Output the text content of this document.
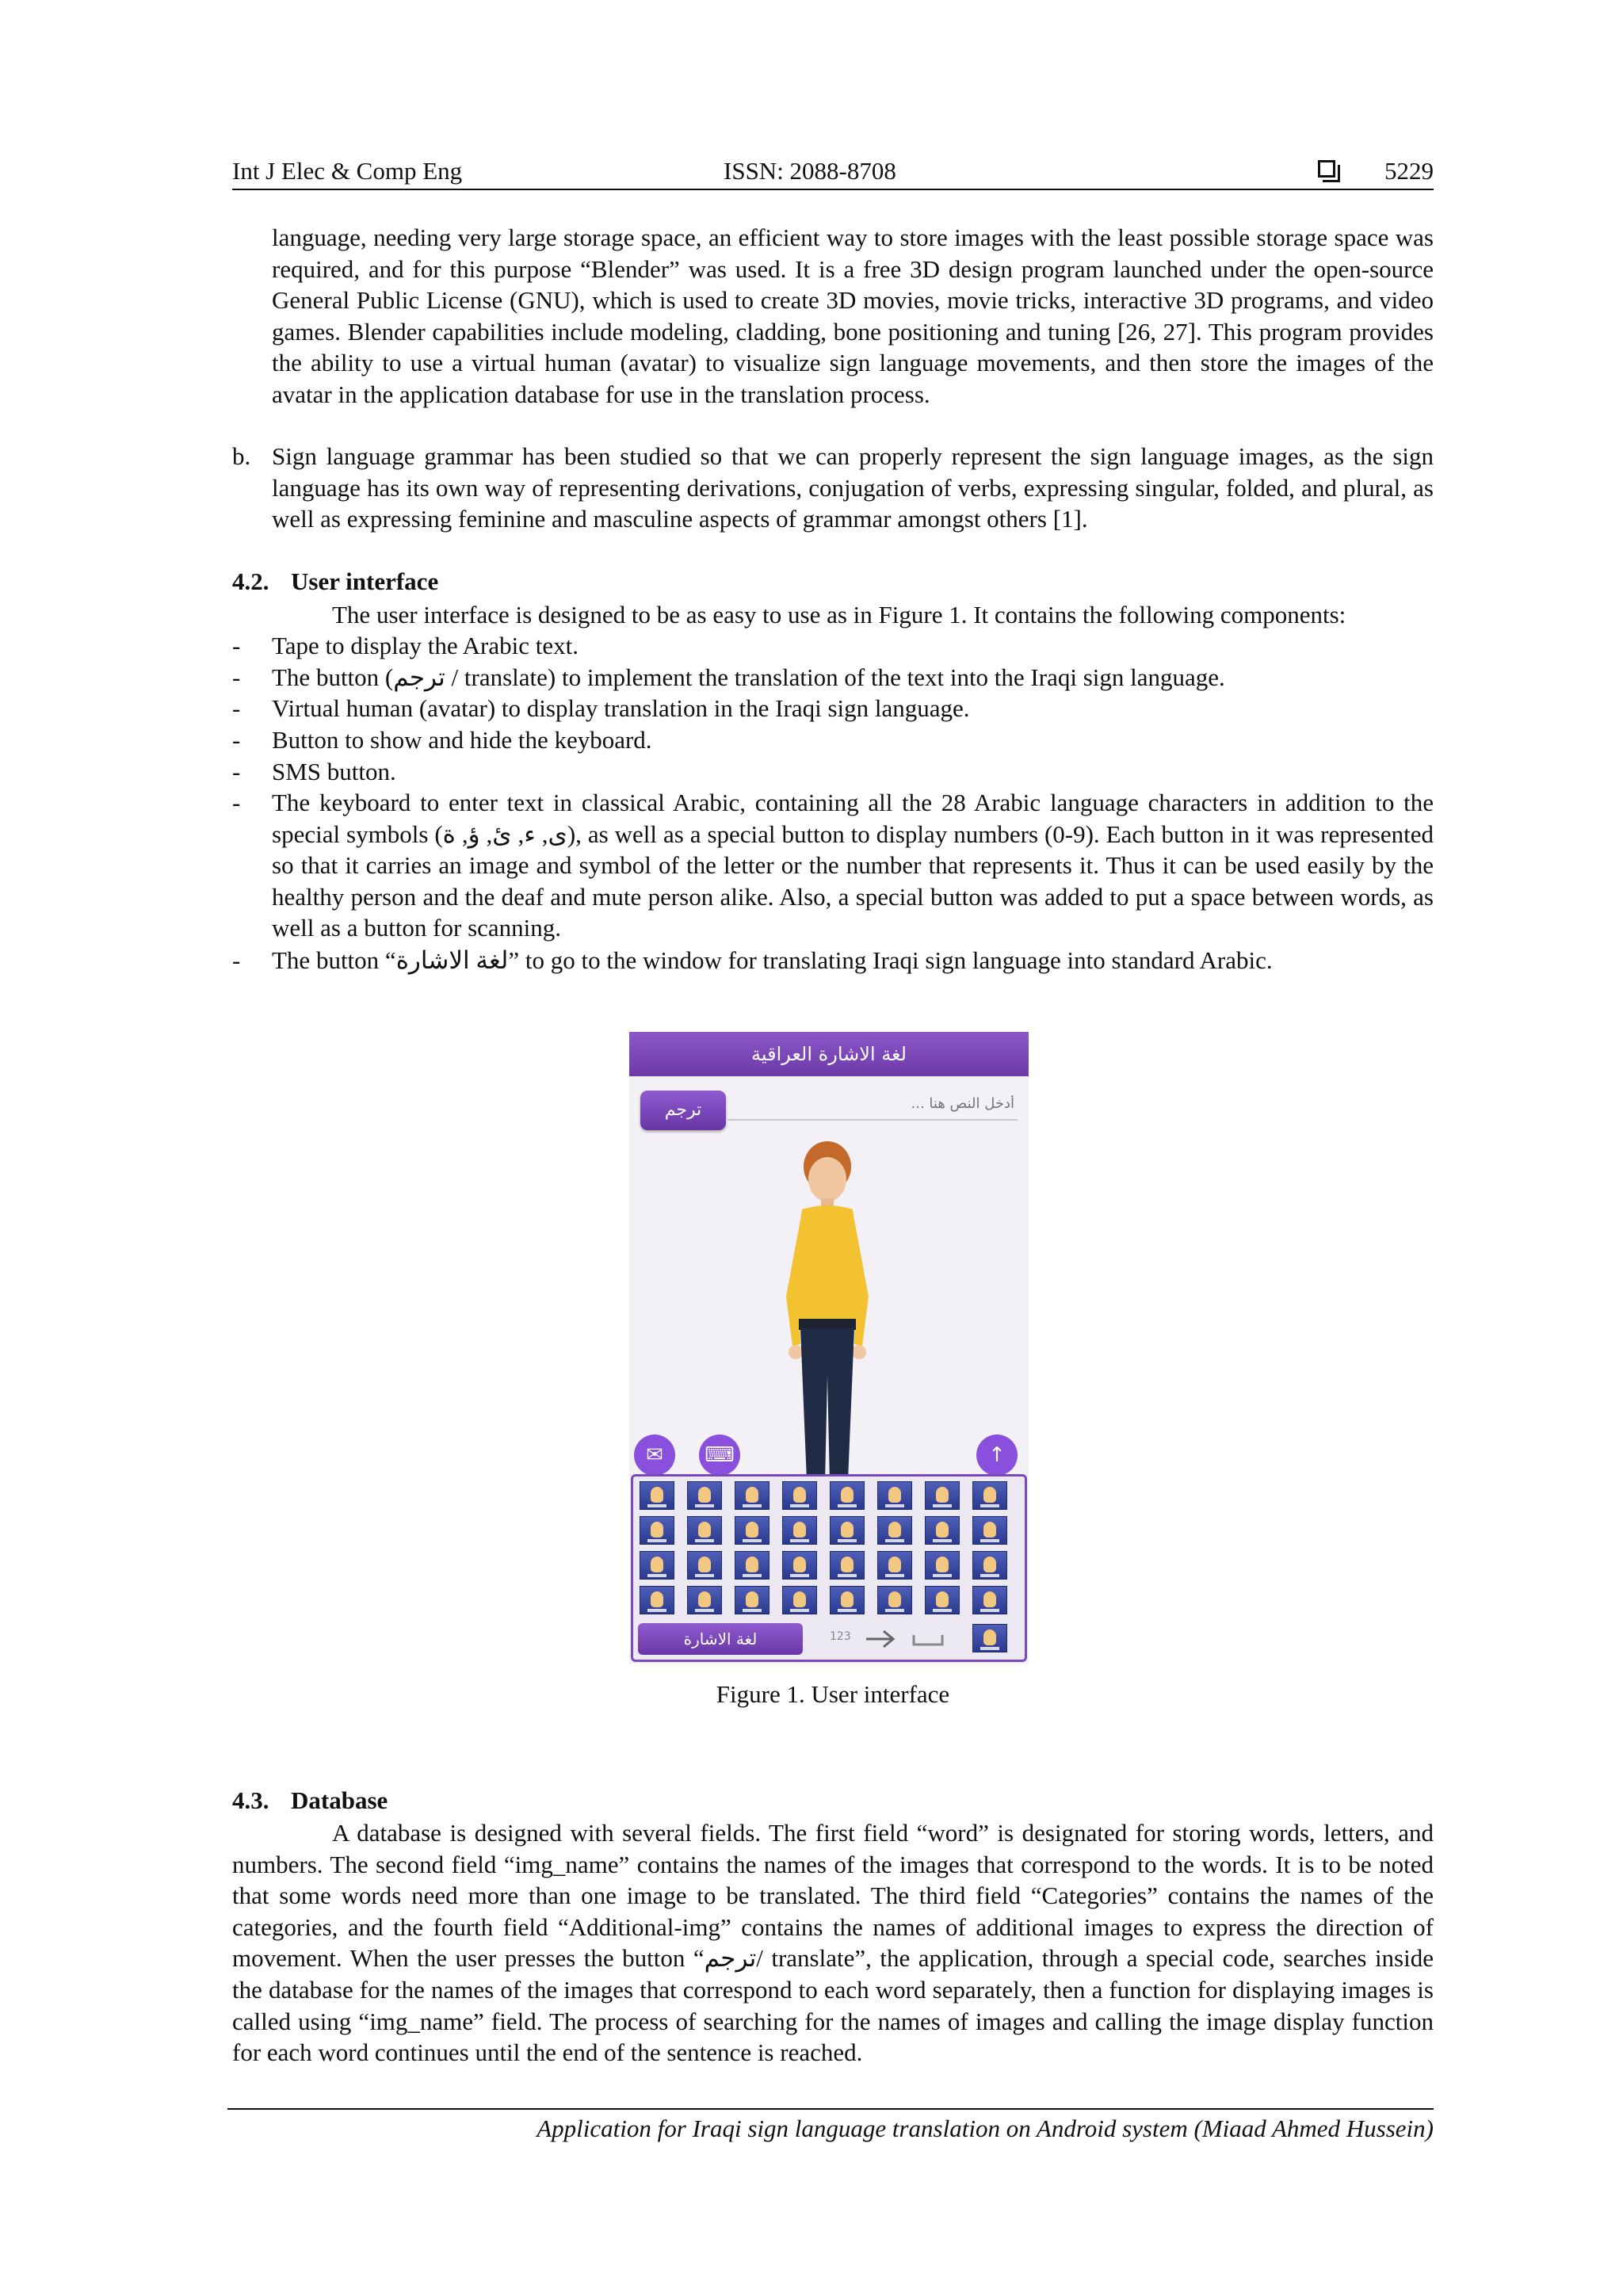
Int J Elec & Comp Eng	ISSN: 2088-8708	5229
language, needing very large storage space, an efficient way to store images with the least possible storage space was required, and for this purpose “Blender” was used. It is a free 3D design program launched under the open-source General Public License (GNU), which is used to create 3D movies, movie tricks, interactive 3D programs, and video games. Blender capabilities include modeling, cladding, bone positioning and tuning [26, 27]. This program provides the ability to use a virtual human (avatar) to visualize sign language movements, and then store the images of the avatar in the application database for use in the translation process.
b. Sign language grammar has been studied so that we can properly represent the sign language images, as the sign language has its own way of representing derivations, conjugation of verbs, expressing singular, folded, and plural, as well as expressing feminine and masculine aspects of grammar amongst others [1].
4.2. User interface
The user interface is designed to be as easy to use as in Figure 1. It contains the following components:
- Tape to display the Arabic text.
- The button (ترجم / translate) to implement the translation of the text into the Iraqi sign language.
- Virtual human (avatar) to display translation in the Iraqi sign language.
- Button to show and hide the keyboard.
- SMS button.
- The keyboard to enter text in classical Arabic, containing all the 28 Arabic language characters in addition to the special symbols (ى, ء, ئ, ؤ, ة), as well as a special button to display numbers (0-9). Each button in it was represented so that it carries an image and symbol of the letter or the number that represents it. Thus it can be used easily by the healthy person and the deaf and mute person alike. Also, a special button was added to put a space between words, as well as a button for scanning.
- The button “لغة الاشارة” to go to the window for translating Iraqi sign language into standard Arabic.
لغة الاشارة العراقية
ترجم
أدخل النص هنا ...
✉	⌨	↑
لغة الاشارة	123
Figure 1. User interface
4.3. Database
A database is designed with several fields. The first field “word” is designated for storing words, letters, and numbers. The second field “img_name” contains the names of the images that correspond to the words. It is to be noted that some words need more than one image to be translated. The third field “Categories” contains the names of the categories, and the fourth field “Additional-img” contains the names of additional images to express the direction of movement. When the user presses the button “ترجم/ translate”, the application, through a special code, searches inside the database for the names of the images that correspond to each word separately, then a function for displaying images is called using “img_name” field. The process of searching for the names of images and calling the image display function for each word continues until the end of the sentence is reached.
Application for Iraqi sign language translation on Android system (Miaad Ahmed Hussein)
